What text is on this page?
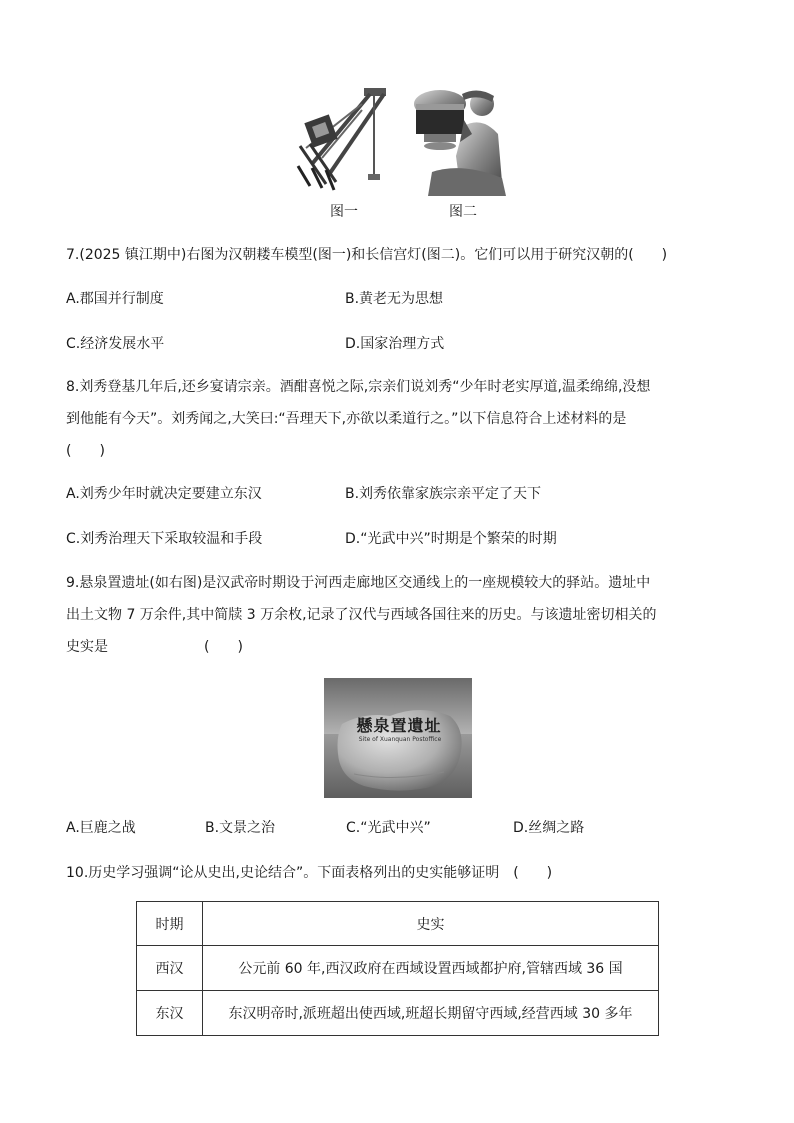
图一	图二
7.(2025 镇江期中)右图为汉朝耧车模型(图一)和长信宫灯(图二)。它们可以用于研究汉朝的(　　)
A.郡国并行制度	B.黄老无为思想
C.经济发展水平	D.国家治理方式
8.刘秀登基几年后,还乡宴请宗亲。酒酣喜悦之际,宗亲们说刘秀“少年时老实厚道,温柔绵绵,没想
到他能有今天”。刘秀闻之,大笑曰:“吾理天下,亦欲以柔道行之。”以下信息符合上述材料的是
(　　)
A.刘秀少年时就决定要建立东汉	B.刘秀依靠家族宗亲平定了天下
C.刘秀治理天下采取较温和手段	D.“光武中兴”时期是个繁荣的时期
9.悬泉置遗址(如右图)是汉武帝时期设于河西走廊地区交通线上的一座规模较大的驿站。遗址中
出土文物 7 万余件,其中简牍 3 万余枚,记录了汉代与西域各国往来的历史。与该遗址密切相关的
史实是	(　　)
懸泉置遺址
Site of Xuanquan Postoffice
A.巨鹿之战	B.文景之治	C.“光武中兴”	D.丝绸之路
10.历史学习强调“论从史出,史论结合”。下面表格列出的史实能够证明　(　　)
时期	史实
西汉	公元前 60 年,西汉政府在西域设置西域都护府,管辖西域 36 国
东汉	东汉明帝时,派班超出使西域,班超长期留守西域,经营西域 30 多年
